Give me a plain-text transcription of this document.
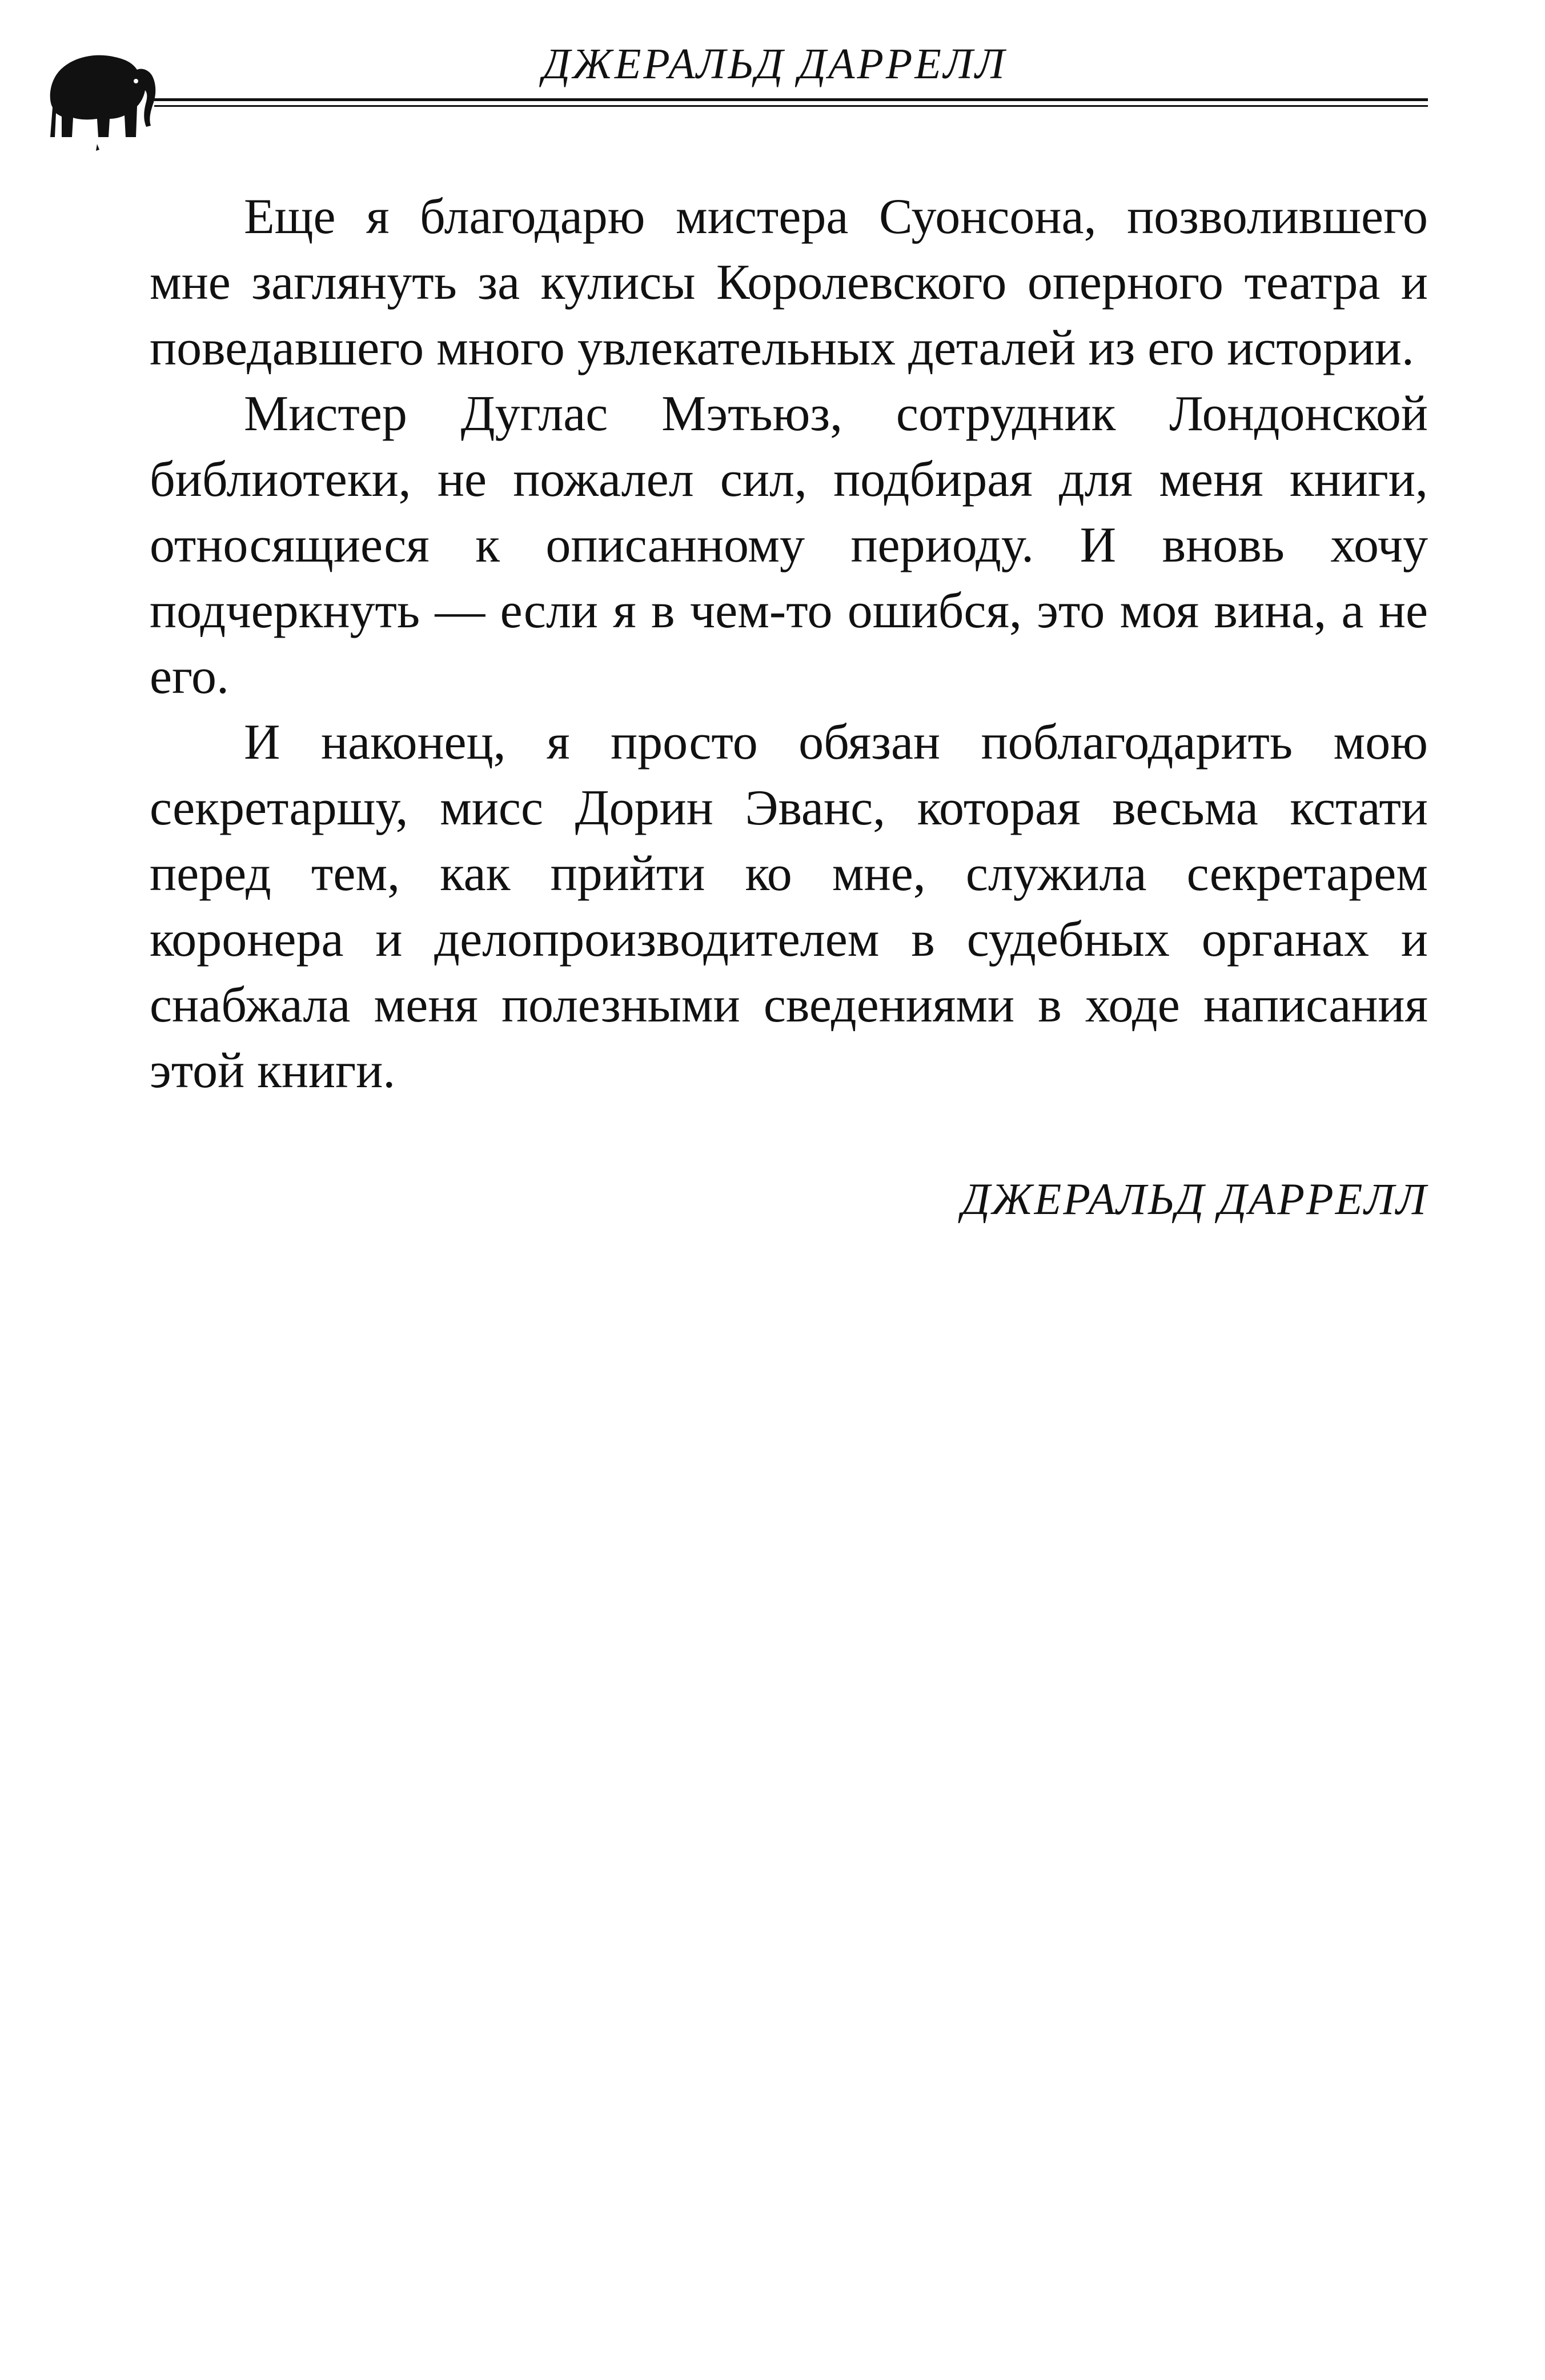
ДЖЕРАЛЬД ДАРРЕЛЛ

Еще я благодарю мистера Суонсона, позволившего мне заглянуть за кулисы Королевского оперного театра и поведавшего много увлекательных деталей из его истории.

Мистер Дуглас Мэтьюз, сотрудник Лондонской библиотеки, не пожалел сил, подбирая для меня книги, относящиеся к описанному периоду. И вновь хочу подчеркнуть — если я в чем-то ошибся, это моя вина, а не его.

И наконец, я просто обязан поблагодарить мою секретаршу, мисс Дорин Эванс, которая весьма кстати перед тем, как прийти ко мне, служила секретарем коронера и делопроизводителем в судебных органах и снабжала меня полезными сведениями в ходе написания этой книги.

ДЖЕРАЛЬД ДАРРЕЛЛ
